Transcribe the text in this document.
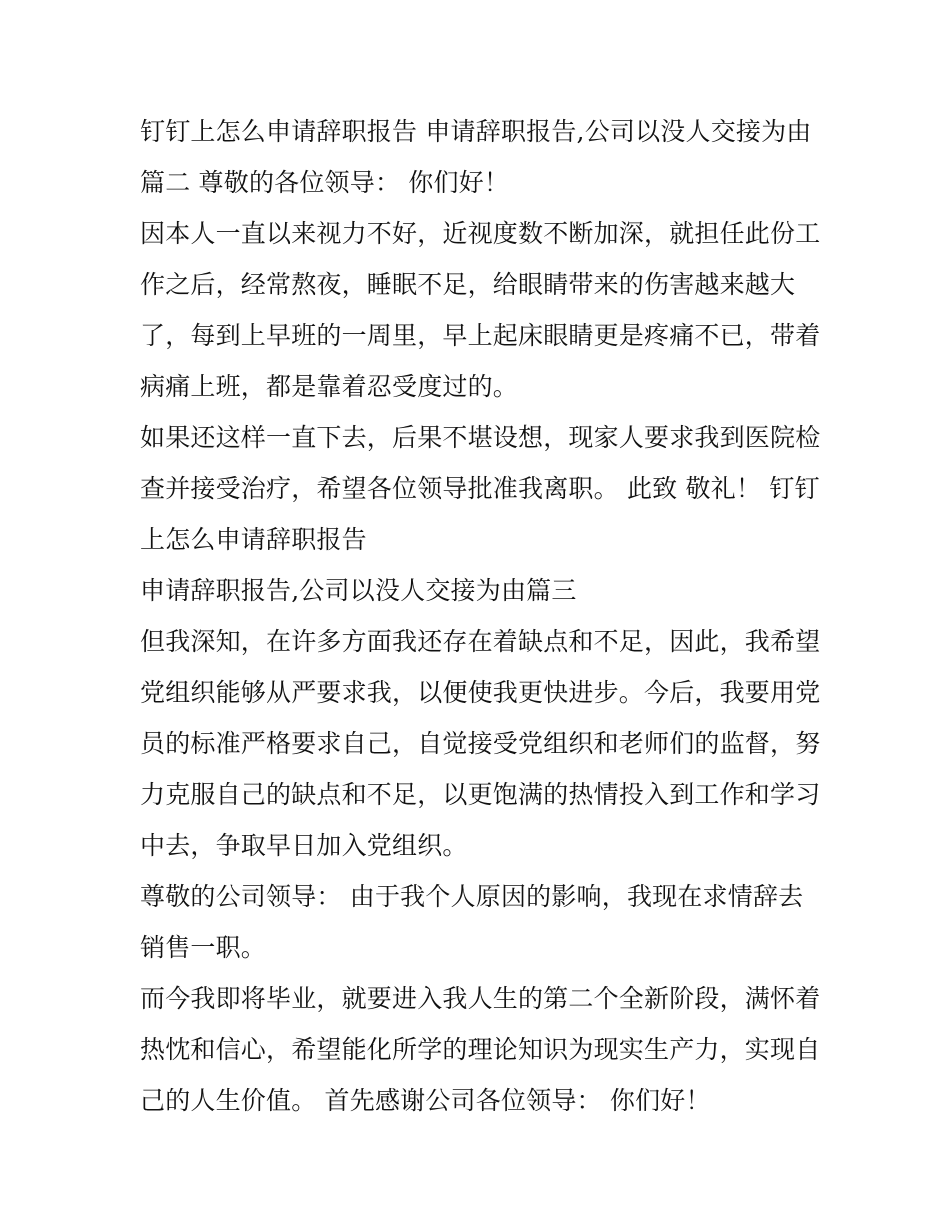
钉钉上怎么申请辞职报告 申请辞职报告,公司以没人交接为由
篇二 尊敬的各位领导： 你们好！
因本人一直以来视力不好，近视度数不断加深，就担任此份工
作之后，经常熬夜，睡眠不足，给眼睛带来的伤害越来越大
了，每到上早班的一周里，早上起床眼睛更是疼痛不已，带着
病痛上班，都是靠着忍受度过的。
如果还这样一直下去，后果不堪设想，现家人要求我到医院检
查并接受治疗，希望各位领导批准我离职。 此致 敬礼！ 钉钉
上怎么申请辞职报告
申请辞职报告,公司以没人交接为由篇三
但我深知，在许多方面我还存在着缺点和不足，因此，我希望
党组织能够从严要求我，以便使我更快进步。今后，我要用党
员的标准严格要求自己，自觉接受党组织和老师们的监督，努
力克服自己的缺点和不足，以更饱满的热情投入到工作和学习
中去，争取早日加入党组织。
尊敬的公司领导： 由于我个人原因的影响，我现在求情辞去
销售一职。
而今我即将毕业，就要进入我人生的第二个全新阶段，满怀着
热忱和信心，希望能化所学的理论知识为现实生产力，实现自
己的人生价值。 首先感谢公司各位领导： 你们好！
